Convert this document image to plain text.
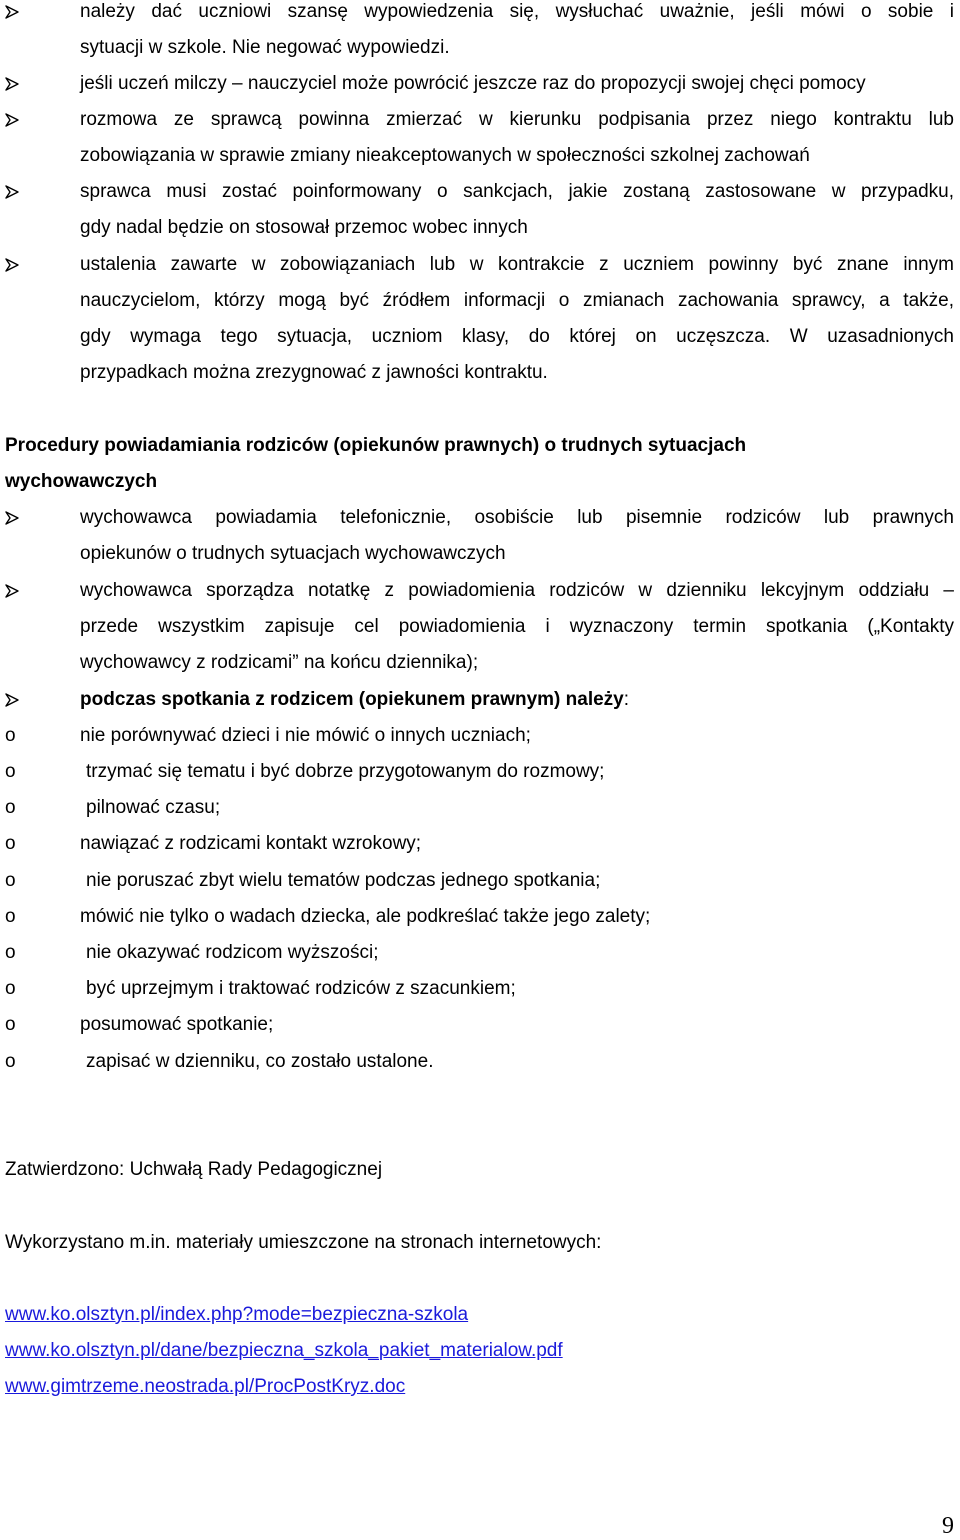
należy dać uczniowi szansę wypowiedzenia się, wysłuchać uważnie, jeśli mówi o sobie i
sytuacji w szkole. Nie negować wypowiedzi.
jeśli uczeń milczy – nauczyciel może powrócić jeszcze raz do propozycji swojej chęci pomocy
rozmowa ze sprawcą powinna zmierzać w kierunku podpisania przez niego kontraktu lub
zobowiązania w sprawie zmiany nieakceptowanych w społeczności szkolnej zachowań
sprawca musi zostać poinformowany o sankcjach, jakie zostaną zastosowane w przypadku,
gdy nadal będzie on stosował przemoc wobec innych
ustalenia zawarte w zobowiązaniach lub w kontrakcie z uczniem powinny być znane innym
nauczycielom, którzy mogą być źródłem informacji o zmianach zachowania sprawcy, a także,
gdy wymaga tego sytuacja, uczniom klasy, do której on uczęszcza. W uzasadnionych
przypadkach można zrezygnować z jawności kontraktu.
Procedury powiadamiania rodziców (opiekunów prawnych) o trudnych sytuacjach
wychowawczych
wychowawca powiadamia telefonicznie, osobiście lub pisemnie rodziców lub prawnych
opiekunów o trudnych sytuacjach wychowawczych
wychowawca sporządza notatkę z powiadomienia rodziców w dzienniku lekcyjnym oddziału –
przede wszystkim zapisuje cel powiadomienia i wyznaczony termin spotkania („Kontakty
wychowawcy z rodzicami” na końcu dziennika);
podczas spotkania z rodzicem (opiekunem prawnym) należy:
o	nie porównywać dzieci i nie mówić o innych uczniach;
o	trzymać się tematu i być dobrze przygotowanym do rozmowy;
o	pilnować czasu;
o	nawiązać z rodzicami kontakt wzrokowy;
o	nie poruszać zbyt wielu tematów podczas jednego spotkania;
o	mówić nie tylko o wadach dziecka, ale podkreślać także jego zalety;
o	nie okazywać rodzicom wyższości;
o	być uprzejmym i traktować rodziców z szacunkiem;
o	posumować spotkanie;
o	zapisać w dzienniku, co zostało ustalone.
Zatwierdzono: Uchwałą Rady Pedagogicznej
Wykorzystano m.in. materiały umieszczone na stronach internetowych:
www.ko.olsztyn.pl/index.php?mode=bezpieczna-szkola
www.ko.olsztyn.pl/dane/bezpieczna_szkola_pakiet_materialow.pdf
www.gimtrzeme.neostrada.pl/ProcPostKryz.doc
9
